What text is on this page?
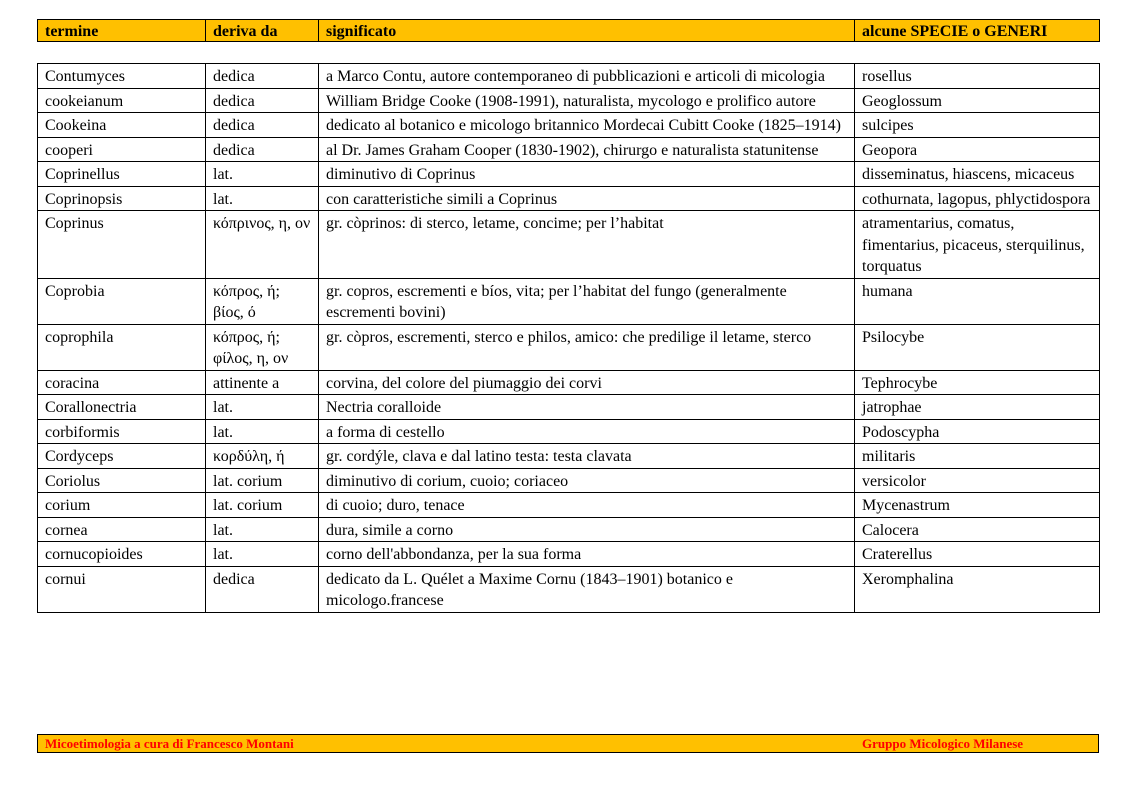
termine	deriva da	significato	alcune SPECIE o GENERI
Contumyces	dedica	a Marco Contu, autore contemporaneo di pubblicazioni e articoli di micologia	rosellus
cookeianum	dedica	William Bridge Cooke (1908-1991), naturalista, mycologo e prolifico autore	Geoglossum
Cookeina	dedica	dedicato al botanico e micologo britannico Mordecai Cubitt Cooke (1825–1914)	sulcipes
cooperi	dedica	al Dr. James Graham Cooper (1830-1902), chirurgo e naturalista statunitense	Geopora
Coprinellus	lat.	diminutivo di Coprinus	disseminatus, hiascens, micaceus
Coprinopsis	lat.	con caratteristiche simili a Coprinus	cothurnata, lagopus, phlyctidospora
Coprinus	κόπρινος, η, ον	gr. còprinos: di sterco, letame, concime; per l’habitat	atramentarius, comatus, fimentarius, picaceus, sterquilinus, torquatus
Coprobia	κόπρος, ή; βίος, ό	gr. copros, escrementi e bíos, vita; per l’habitat del fungo (generalmente escrementi bovini)	humana
coprophila	κόπρος, ή; φίλος, η, ον	gr. còpros, escrementi, sterco e philos, amico: che predilige il letame, sterco	Psilocybe
coracina	attinente a	corvina, del colore del piumaggio dei corvi	Tephrocybe
Corallonectria	lat.	Nectria coralloide	jatrophae
corbiformis	lat.	a forma di cestello	Podoscypha
Cordyceps	κορδύλη, ή	gr. cordýle, clava e dal latino testa: testa clavata	militaris
Coriolus	lat. corium	diminutivo di corium, cuoio; coriaceo	versicolor
corium	lat. corium	di cuoio; duro, tenace	Mycenastrum
cornea	lat.	dura, simile a corno	Calocera
cornucopioides	lat.	corno dell'abbondanza, per la sua forma	Craterellus
cornui	dedica	dedicato da L. Quélet a Maxime Cornu (1843–1901) botanico e micologo.francese	Xeromphalina
Micoetimologia a cura di Francesco Montani	Gruppo Micologico Milanese
